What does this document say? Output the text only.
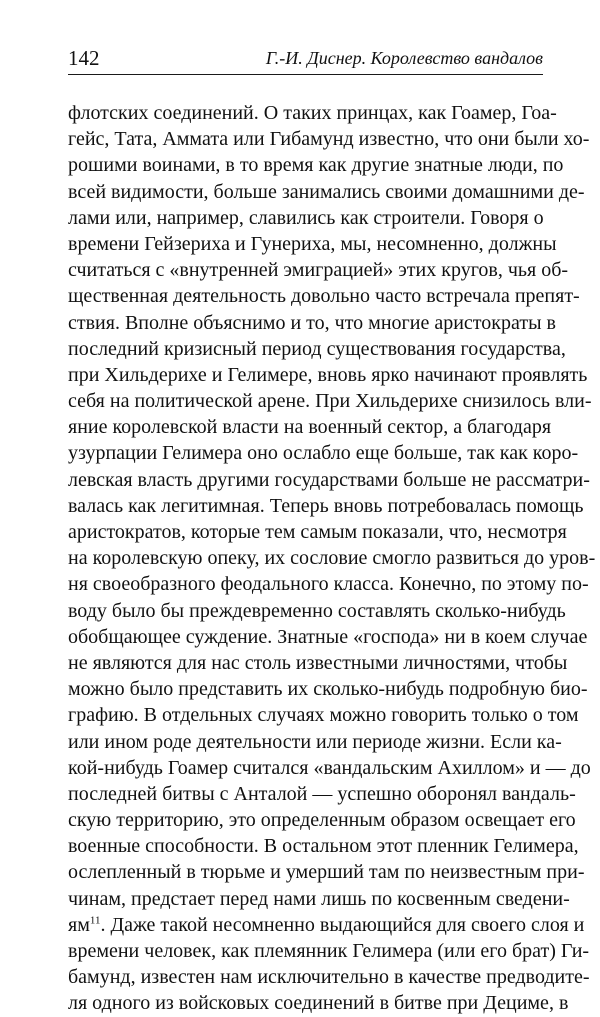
142	Г.-И. Диснер. Королевство вандалов
флотских соединений. О таких принцах, как Гоамер, Гоа-
гейс, Тата, Аммата или Гибамунд известно, что они были хо-
рошими воинами, в то время как другие знатные люди, по
всей видимости, больше занимались своими домашними де-
лами или, например, славились как строители. Говоря о
времени Гейзериха и Гунериха, мы, несомненно, должны
считаться с «внутренней эмиграцией» этих кругов, чья об-
щественная деятельность довольно часто встречала препят-
ствия. Вполне объяснимо и то, что многие аристократы в
последний кризисный период существования государства,
при Хильдерихе и Гелимере, вновь ярко начинают проявлять
себя на политической арене. При Хильдерихе снизилось вли-
яние королевской власти на военный сектор, а благодаря
узурпации Гелимера оно ослабло еще больше, так как коро-
левская власть другими государствами больше не рассматри-
валась как легитимная. Теперь вновь потребовалась помощь
аристократов, которые тем самым показали, что, несмотря
на королевскую опеку, их сословие смогло развиться до уров-
ня своеобразного феодального класса. Конечно, по этому по-
воду было бы преждевременно составлять сколько-нибудь
обобщающее суждение. Знатные «господа» ни в коем случае
не являются для нас столь известными личностями, чтобы
можно было представить их сколько-нибудь подробную био-
графию. В отдельных случаях можно говорить только о том
или ином роде деятельности или периоде жизни. Если ка-
кой-нибудь Гоамер считался «вандальским Ахиллом» и — до
последней битвы с Анталой — успешно оборонял вандаль-
скую территорию, это определенным образом освещает его
военные способности. В остальном этот пленник Гелимера,
ослепленный в тюрьме и умерший там по неизвестным при-
чинам, предстает перед нами лишь по косвенным сведени-
ям$^{11}$. Даже такой несомненно выдающийся для своего слоя и
времени человек, как племянник Гелимера (или его брат) Ги-
бамунд, известен нам исключительно в качестве предводите-
ля одного из войсковых соединений в битве при Дециме, в
